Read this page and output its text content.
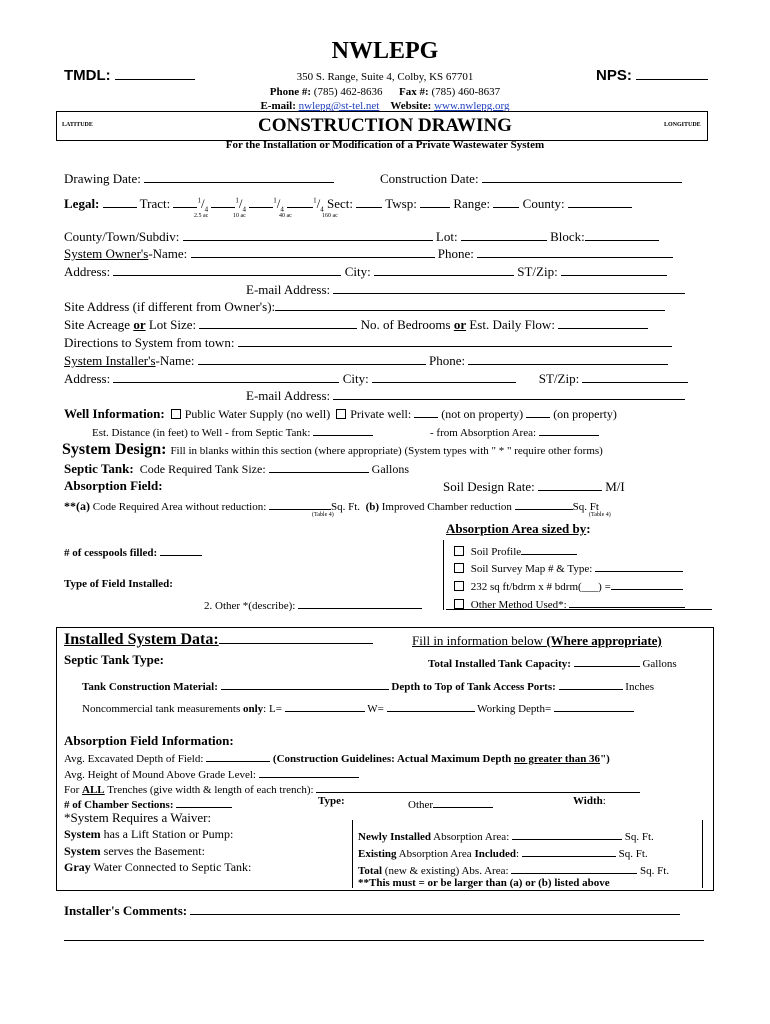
NWLEPG
TMDL:	NPS:
350 S. Range, Suite 4, Colby, KS 67701
Phone #: (785) 462-8636 Fax #: (785) 460-8637
E-mail: nwlepg@st-tel.net Website: www.nwlepg.org
LATITUDE	LONGITUDE
CONSTRUCTION DRAWING
For the Installation or Modification of a Private Wastewater System
Drawing Date:	Construction Date:
Legal:	Tract:	$^1/_4$ $^1/_4$ $^1/_4$ $^1/_4$ Sect: Twsp:	Range:	County:
2.5 ac	10 ac	40 ac	160 ac
County/Town/Subdiv:	Lot:	Block:
System Owner's-Name:	Phone:
Address:	City:	ST/Zip:
E-mail Address:
Site Address (if different from Owner's):
Site Acreage or Lot Size:	No. of Bedrooms or Est. Daily Flow:
Directions to System from town:
System Installer's-Name:	Phone:
Address:	City:	ST/Zip:
E-mail Address:
Well Information: Public Water Supply (no well) Private well:	(not on property)	(on property)
Est. Distance (in feet) to Well - from Septic Tank:	- from Absorption Area:
System Design: Fill in blanks within this section (where appropriate) (System types with " * " require other forms)
Septic Tank: Code Required Tank Size:	Gallons
Absorption Field:	Soil Design Rate:	M/I
**(a) Code Required Area without reduction:	Sq. Ft. (b) Improved Chamber reduction	Sq. Ft
(Table 4)	(Table 4)
Absorption Area sized by:
# of cesspools filled:
Type of Field Installed:
2. Other *(describe):
Soil Profile
Soil Survey Map # & Type:
232 sq ft/bdrm x # bdrm(___) =
Other Method Used*:
Installed System Data:	Fill in information below (Where appropriate)
Septic Tank Type:	Total Installed Tank Capacity:	Gallons
Tank Construction Material:	Depth to Top of Tank Access Ports:	Inches
Noncommercial tank measurements only: L=	W=	Working Depth=
Absorption Field Information:
Avg. Excavated Depth of Field:	(Construction Guidelines: Actual Maximum Depth no greater than 36")
Avg. Height of Mound Above Grade Level:
For ALL Trenches (give width & length of each trench):
# of Chamber Sections:	Type:	Other	Width:
*System Requires a Waiver:
System has a Lift Station or Pump:
System serves the Basement:
Gray Water Connected to Septic Tank:
Newly Installed Absorption Area:	Sq. Ft.
Existing Absorption Area Included:	Sq. Ft.
Total (new & existing) Abs. Area:	Sq. Ft.
**This must = or be larger than (a) or (b) listed above
Installer's Comments:
